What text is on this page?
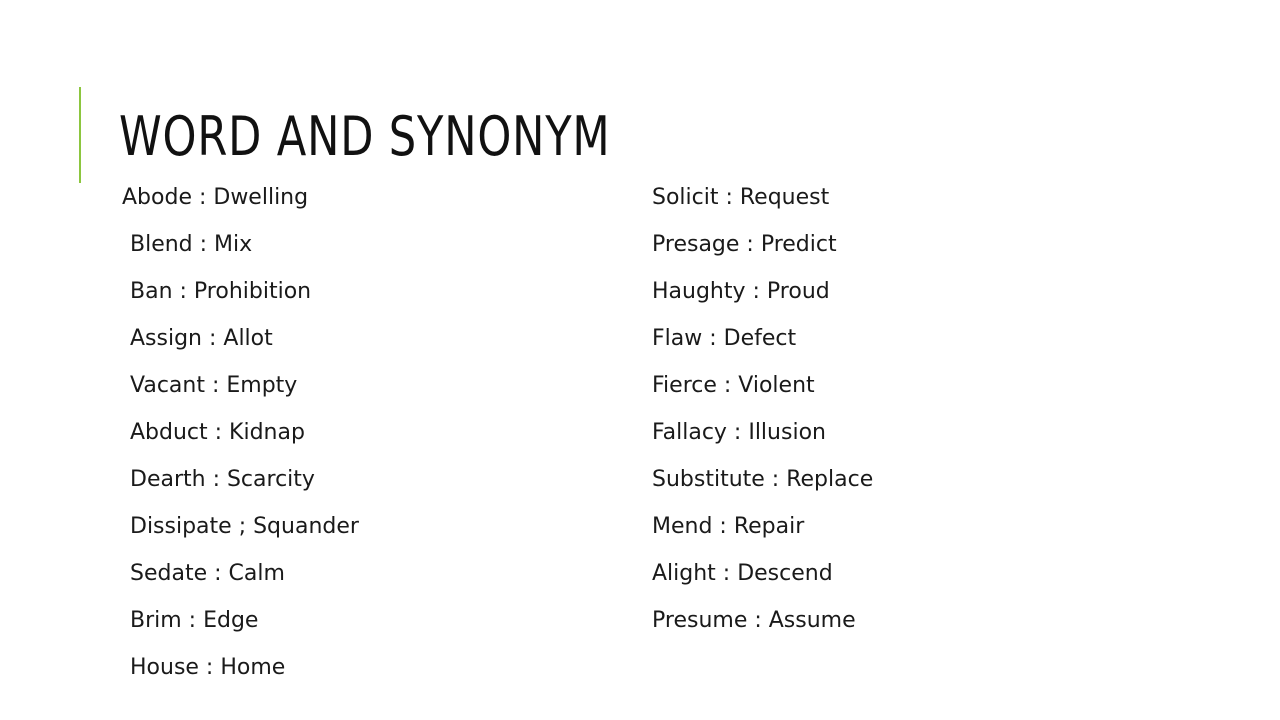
WORD AND SYNONYM
Abode : Dwelling
Blend : Mix
Ban : Prohibition
Assign : Allot
Vacant : Empty
Abduct : Kidnap
Dearth : Scarcity
Dissipate ; Squander
Sedate : Calm
Brim : Edge
House : Home
Solicit : Request
Presage : Predict
Haughty : Proud
Flaw : Defect
Fierce : Violent
Fallacy : Illusion
Substitute : Replace
Mend : Repair
Alight : Descend
Presume : Assume
